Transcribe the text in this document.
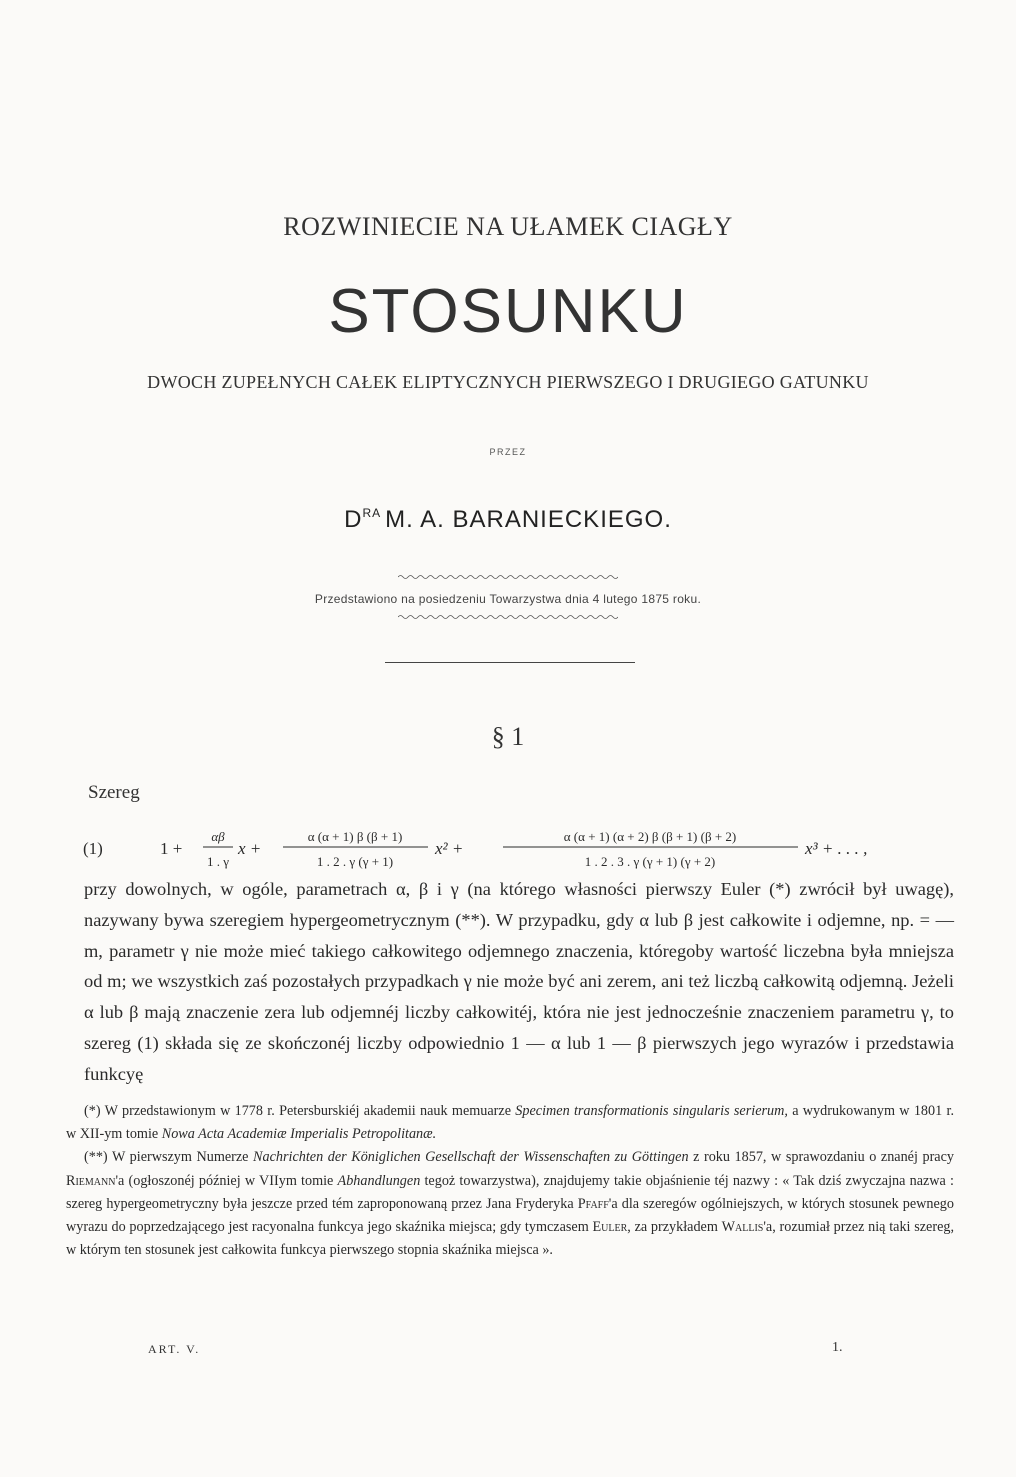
ROZWINIECIE NA UŁAMEK CIAGŁY
STOSUNKU
DWOCH ZUPEŁNYCH CAŁEK ELIPTYCZNYCH PIERWSZEGO I DRUGIEGO GATUNKU
PRZEZ
$D^{RA}$ M. A. BARANIECKIEGO.
Przedstawiono na posiedzeniu Towarzystwa dnia 4 lutego 1875 roku.
§ 1
Szereg
(1)	1 +
αβ
1 . γ
x +
α (α + 1) β (β + 1)
1 . 2 . γ (γ + 1)
x² +
α (α + 1) (α + 2) β (β + 1) (β + 2)
1 . 2 . 3 . γ (γ + 1) (γ + 2)
x³ + . . . ,

przy dowolnych, w ogóle, parametrach α, β i γ (na którego własności pierwszy Euler (*) zwrócił był uwagę), nazywany bywa szeregiem hypergeometrycznym (**). W przypadku, gdy α lub β jest całkowite i odjemne, np. = — m, parametr γ nie może mieć takiego całkowitego odjemnego znaczenia, któregoby wartość liczebna była mniejsza od m; we wszystkich zaś pozostałych przypadkach γ nie może być ani zerem, ani też liczbą całkowitą odjemną. Jeżeli α lub β mają znaczenie zera lub odjemnéj liczby całkowitéj, która nie jest jednocześnie znaczeniem parametru γ, to szereg (1) składa się ze skończonéj liczby odpowiednio 1 — α lub 1 — β pierwszych jego wyrazów i przedstawia funkcyę

(*) W przedstawionym w 1778 r. Petersburskiéj akademii nauk memuarze Specimen transformationis singularis serierum, a wydrukowanym w 1801 r. w XII-ym tomie Nowa Acta Academiæ Imperialis Petropolitanæ.

(**) W pierwszym Numerze Nachrichten der Königlichen Gesellschaft der Wissenschaften zu Göttingen z roku 1857, w sprawozdaniu o znanéj pracy Riemann'a (ogłoszonéj później w VIIym tomie Abhandlungen tegoż towarzystwa), znajdujemy takie objaśnienie téj nazwy : « Tak dziś zwyczajna nazwa : szereg hypergeometryczny była jeszcze przed tém zaproponowaną przez Jana Fryderyka Pfaff'a dla szeregów ogólniejszych, w których stosunek pewnego wyrazu do poprzedzającego jest racyonalna funkcya jego skaźnika miejsca; gdy tymczasem Euler, za przykładem Wallis'a, rozumiał przez nią taki szereg, w którym ten stosunek jest całkowita funkcya pierwszego stopnia skaźnika miejsca ».

ART. V.	1.
